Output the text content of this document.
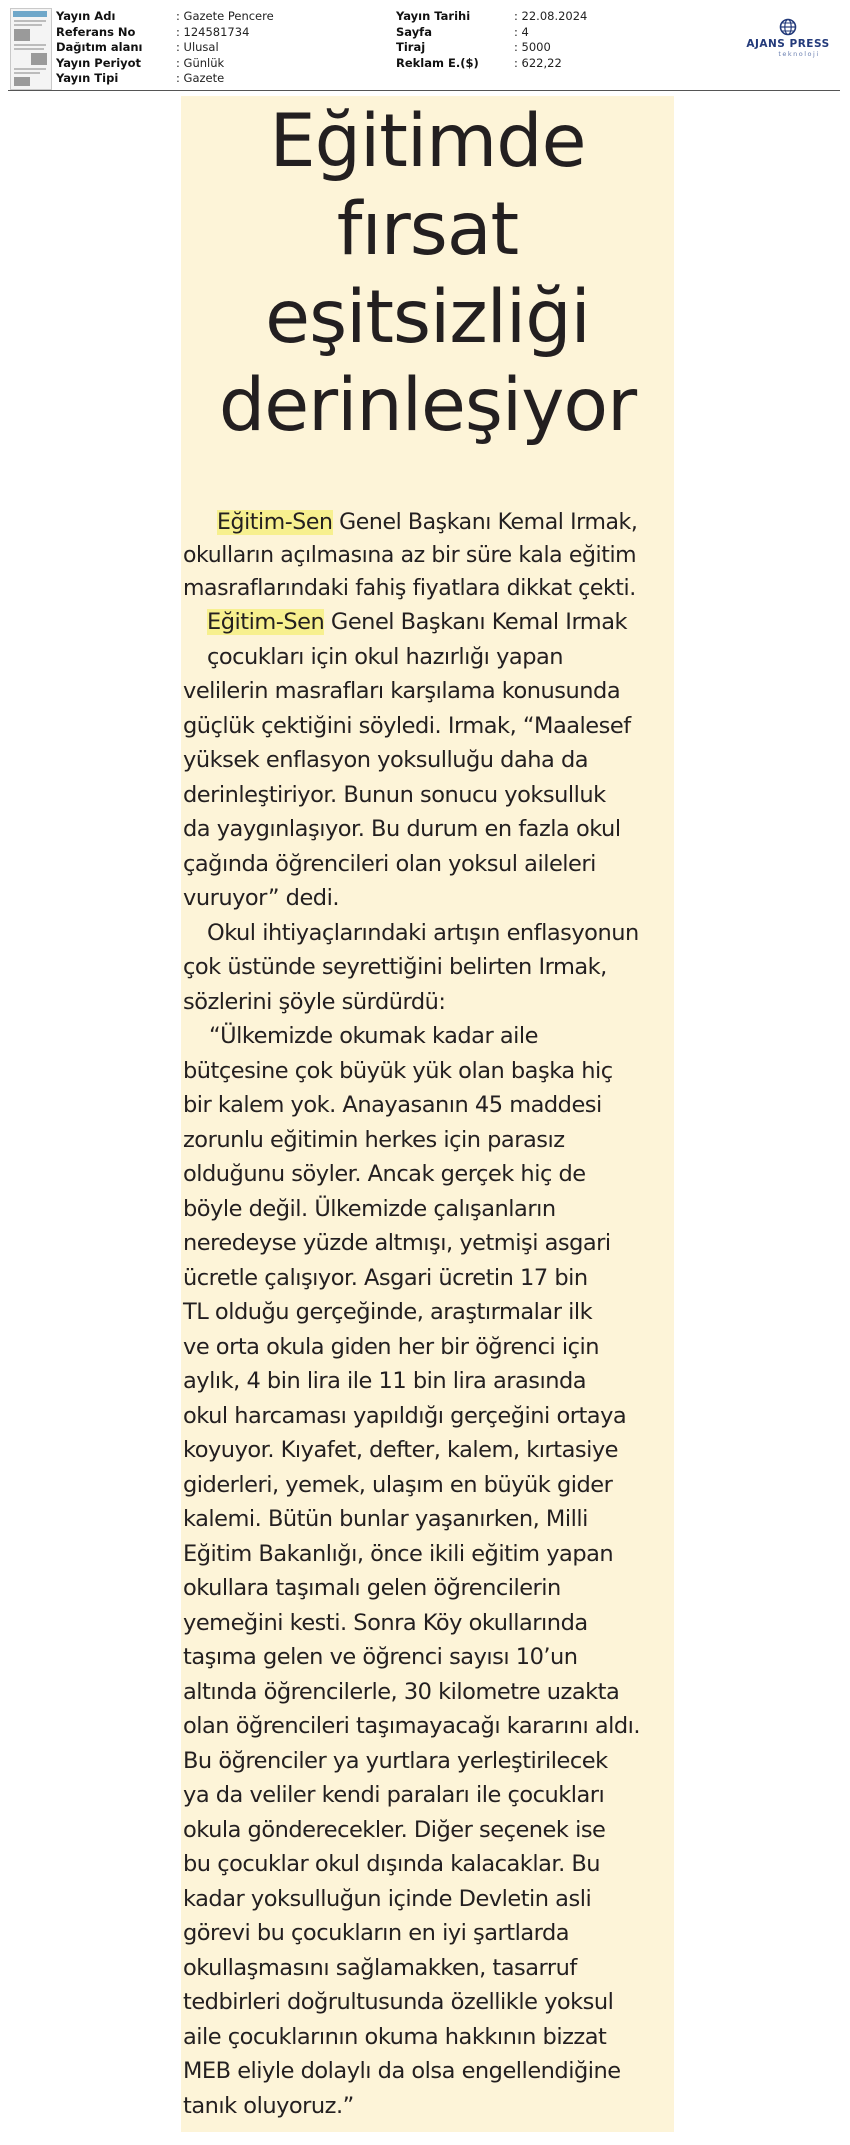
Yayın Adı	: Gazete Pencere
Referans No	: 124581734
Dağıtım alanı	: Ulusal
Yayın Periyot	: Günlük
Yayın Tipi	: Gazete
Yayın Tarihi	: 22.08.2024
Sayfa	: 4
Tiraj	: 5000
Reklam E.($)	: 622,22
AJANS PRESS
teknoloji
Eğitimde
fırsat
eşitsizliği
derinleşiyor
Eğitim-Sen Genel Başkanı Kemal Irmak,
okulların açılmasına az bir süre kala eğitim
masraflarındaki fahiş fiyatlara dikkat çekti.
Eğitim-Sen Genel Başkanı Kemal Irmak
çocukları için okul hazırlığı yapan
velilerin masrafları karşılama konusunda
güçlük çektiğini söyledi. Irmak, “Maalesef
yüksek enflasyon yoksulluğu daha da
derinleştiriyor. Bunun sonucu yoksulluk
da yaygınlaşıyor. Bu durum en fazla okul
çağında öğrencileri olan yoksul aileleri
vuruyor” dedi.
Okul ihtiyaçlarındaki artışın enflasyonun
çok üstünde seyrettiğini belirten Irmak,
sözlerini şöyle sürdürdü:
“Ülkemizde okumak kadar aile
bütçesine çok büyük yük olan başka hiç
bir kalem yok. Anayasanın 45 maddesi
zorunlu eğitimin herkes için parasız
olduğunu söyler. Ancak gerçek hiç de
böyle değil. Ülkemizde çalışanların
neredeyse yüzde altmışı, yetmişi asgari
ücretle çalışıyor. Asgari ücretin 17 bin
TL olduğu gerçeğinde, araştırmalar ilk
ve orta okula giden her bir öğrenci için
aylık, 4 bin lira ile 11 bin lira arasında
okul harcaması yapıldığı gerçeğini ortaya
koyuyor. Kıyafet, defter, kalem, kırtasiye
giderleri, yemek, ulaşım en büyük gider
kalemi. Bütün bunlar yaşanırken, Milli
Eğitim Bakanlığı, önce ikili eğitim yapan
okullara taşımalı gelen öğrencilerin
yemeğini kesti. Sonra Köy okullarında
taşıma gelen ve öğrenci sayısı 10’un
altında öğrencilerle, 30 kilometre uzakta
olan öğrencileri taşımayacağı kararını aldı.
Bu öğrenciler ya yurtlara yerleştirilecek
ya da veliler kendi paraları ile çocukları
okula gönderecekler. Diğer seçenek ise
bu çocuklar okul dışında kalacaklar. Bu
kadar yoksulluğun içinde Devletin asli
görevi bu çocukların en iyi şartlarda
okullaşmasını sağlamakken, tasarruf
tedbirleri doğrultusunda özellikle yoksul
aile çocuklarının okuma hakkının bizzat
MEB eliyle dolaylı da olsa engellendiğine
tanık oluyoruz.”
